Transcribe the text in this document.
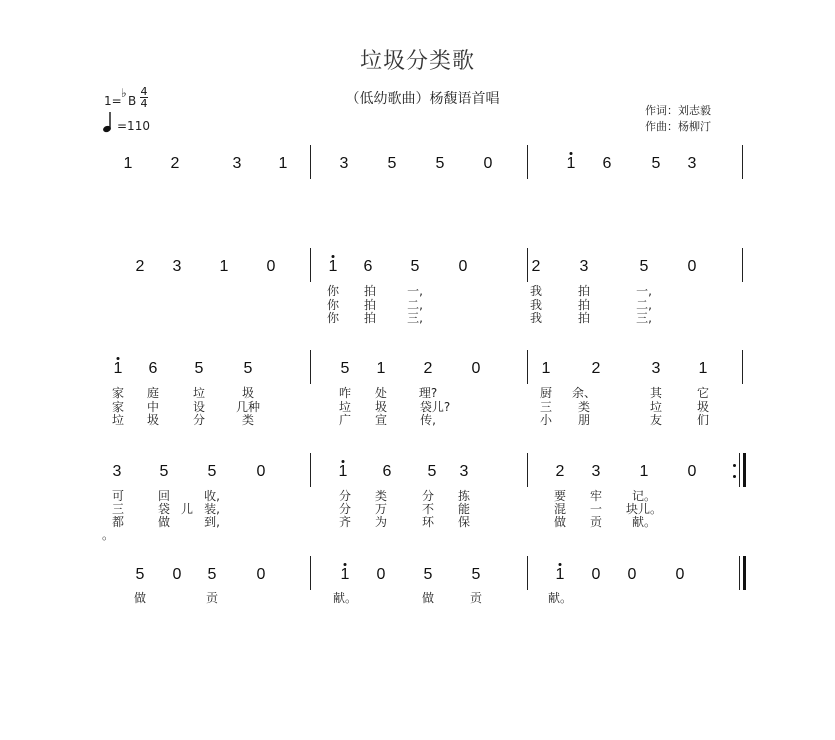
垃圾分类歌
（低幼歌曲）杨馥语首唱
作词：刘志毅
作曲：杨柳汀
1=
♭
B
4
4
=110
1 2	3 1	3 5 5 0	1 6	5 3
2 3 1 0	1 6 5 0	2 3	5 0
你 拍	一,	我	拍	一,
你 拍	二,	我	拍	二,
你 拍	三,	我	拍	三,
1 6 5	5	5 1 2 0	1	2	3 1
家 庭	垃	圾	咋 处	理?	厨 余、	其	它
家 中	设	几种	垃 圾	袋儿?	三 类	垃	圾
垃 圾	分	类	广 宣	传,	小 朋	友	们
3 5 5	0	1 6 5 3	2 3 1 0
可	回	收,	分 类	分 拣	要 牢 记。
三	袋 儿 装,	分 万	不 能	混 一 块儿。
都	做	到,	齐 为	环 保	做 贡 献。
。
5 0 5	0	1 0 5 5	1 0 0 0
做	贡	献。	做	贡	献。
